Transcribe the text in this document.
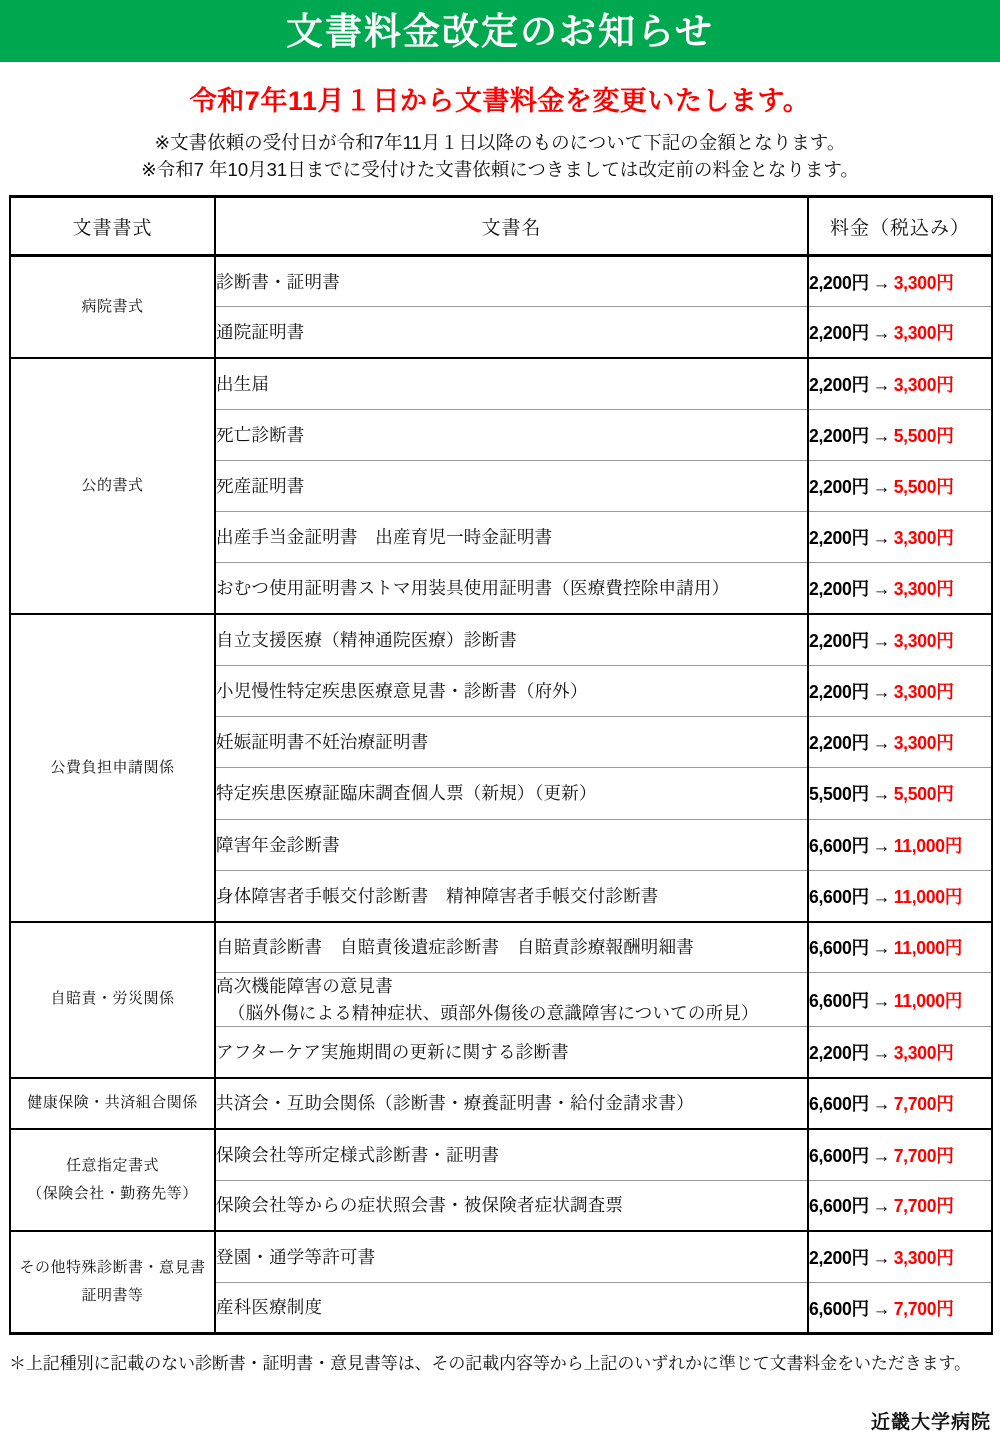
文書料金改定のお知らせ
令和7年11月１日から文書料金を変更いたします。
※文書依頼の受付日が令和7年11月１日以降のものについて下記の金額となります。
※令和7 年10月31日までに受付けた文書依頼につきましては改定前の料金となります。
文書書式	文書名	料金（税込み）

病院書式	診断書・証明書	2,200円 → 3,300円
	通院証明書	2,200円 → 3,300円

公的書式	出生届	2,200円 → 3,300円
	死亡診断書	2,200円 → 5,500円
	死産証明書	2,200円 → 5,500円
	出産手当金証明書　出産育児一時金証明書	2,200円 → 3,300円
	おむつ使用証明書ストマ用装具使用証明書（医療費控除申請用）	2,200円 → 3,300円

公費負担申請関係	自立支援医療（精神通院医療）診断書	2,200円 → 3,300円
	小児慢性特定疾患医療意見書・診断書（府外）	2,200円 → 3,300円
	妊娠証明書不妊治療証明書	2,200円 → 3,300円
	特定疾患医療証臨床調査個人票（新規）（更新）	5,500円 → 5,500円
	障害年金診断書	6,600円 → 11,000円
	身体障害者手帳交付診断書　精神障害者手帳交付診断書	6,600円 → 11,000円

自賠責・労災関係	自賠責診断書　自賠責後遺症診断書　自賠責診療報酬明細書	6,600円 → 11,000円
	高次機能障害の意見書
（脳外傷による精神症状、頭部外傷後の意識障害についての所見）	6,600円 → 11,000円
	アフターケア実施期間の更新に関する診断書	2,200円 → 3,300円

健康保険・共済組合関係	共済会・互助会関係（診断書・療養証明書・給付金請求書）	6,600円 → 7,700円

任意指定書式
（保険会社・勤務先等）	保険会社等所定様式診断書・証明書	6,600円 → 7,700円
	保険会社等からの症状照会書・被保険者症状調査票	6,600円 → 7,700円

その他特殊診断書・意見書
証明書等	登園・通学等許可書	2,200円 → 3,300円
	産科医療制度	6,600円 → 7,700円
＊上記種別に記載のない診断書・証明書・意見書等は、その記載内容等から上記のいずれかに準じて文書料金をいただきます。
近畿大学病院
